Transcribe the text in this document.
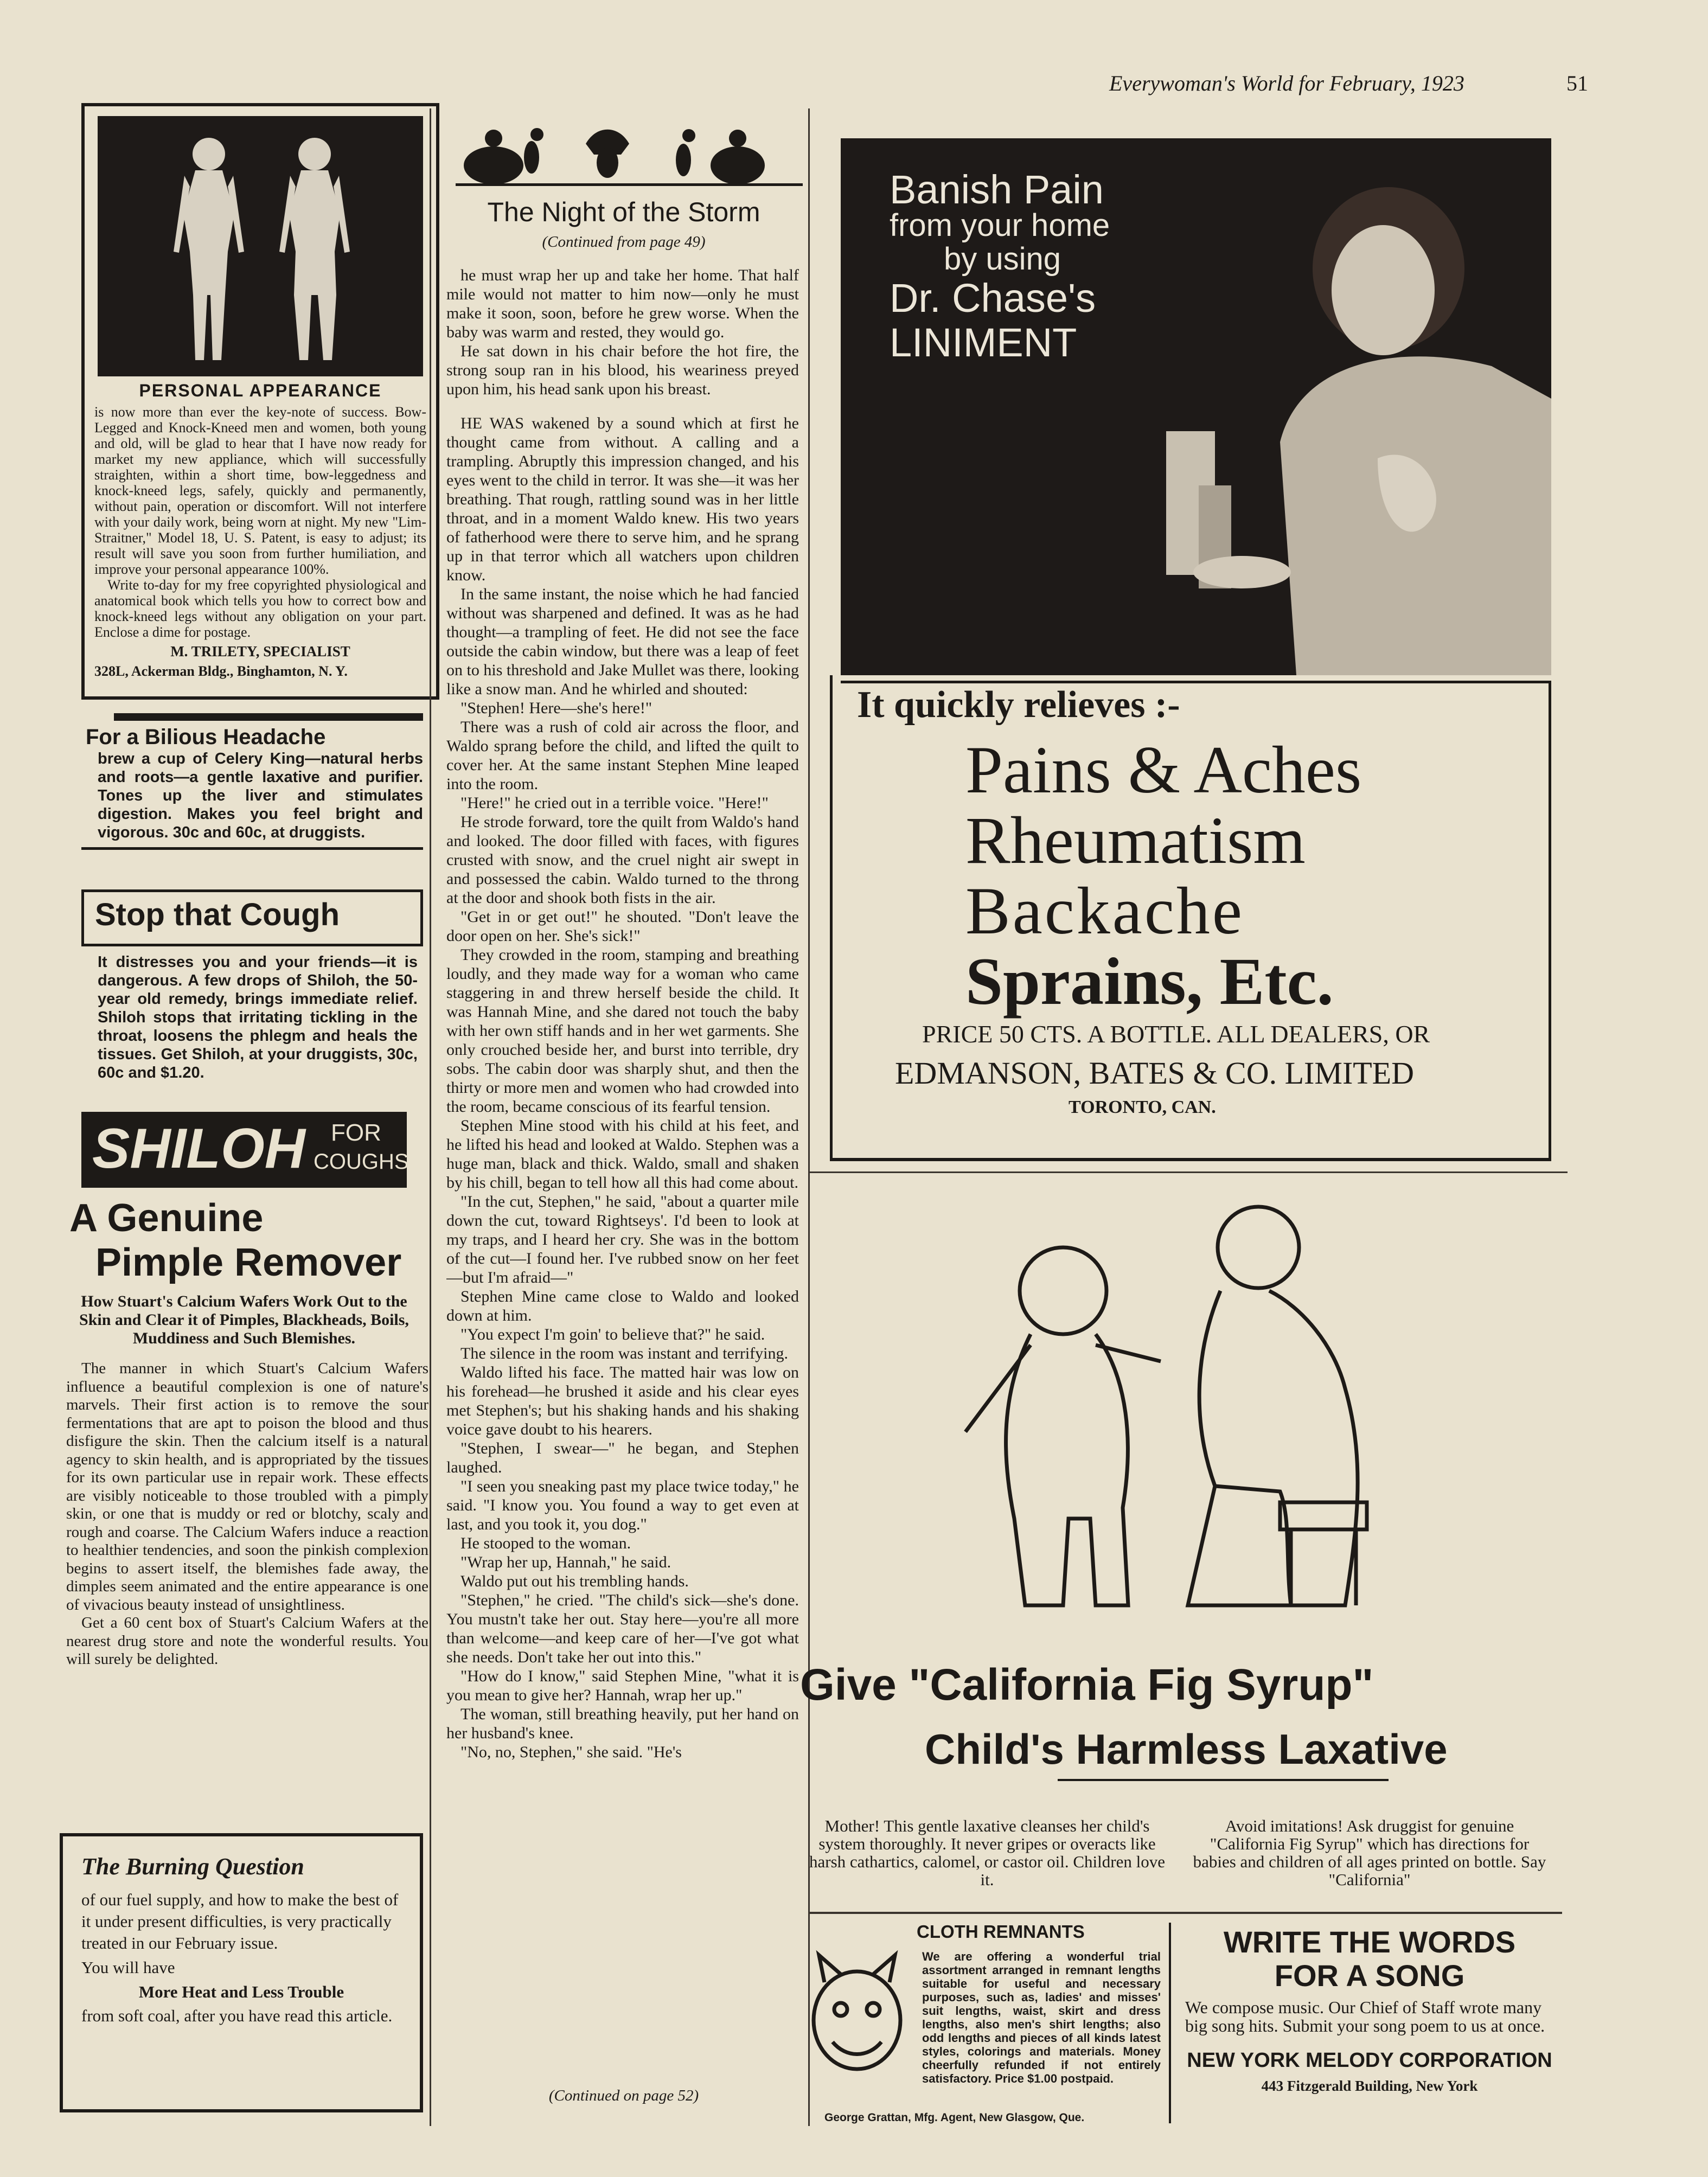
Everywoman's World for February, 1923	51
PERSONAL APPEARANCE

is now more than ever the key-note of success. Bow-Legged and Knock-Kneed men and women, both young and old, will be glad to hear that I have now ready for market my new appliance, which will successfully straighten, within a short time, bow-leggedness and knock-kneed legs, safely, quickly and permanently, without pain, operation or discomfort. Will not interfere with your daily work, being worn at night. My new "Lim-Straitner," Model 18, U. S. Patent, is easy to adjust; its result will save you soon from further humiliation, and improve your personal appearance 100%.

Write to-day for my free copyrighted physiological and anatomical book which tells you how to correct bow and knock-kneed legs without any obligation on your part. Enclose a dime for postage.

M. TRILETY, SPECIALIST
328L, Ackerman Bldg., Binghamton, N. Y.
For a Bilious Headache

brew a cup of Celery King—natural herbs and roots—a gentle laxative and purifier. Tones up the liver and stimulates digestion. Makes you feel bright and vigorous. 30c and 60c, at druggists.

Stop that Cough

It distresses you and your friends—it is dangerous. A few drops of Shiloh, the 50-year old remedy, brings immediate relief. Shiloh stops that irritating tickling in the throat, loosens the phlegm and heals the tissues. Get Shiloh, at your druggists, 30c, 60c and $1.20.

SHILOH FOR
COUGHS
A Genuine
Pimple Remover

How Stuart's Calcium Wafers Work Out to the Skin and Clear it of Pimples, Blackheads, Boils, Muddiness and Such Blemishes.

The manner in which Stuart's Calcium Wafers influence a beautiful complexion is one of nature's marvels. Their first action is to remove the sour fermentations that are apt to poison the blood and thus disfigure the skin. Then the calcium itself is a natural agency to skin health, and is appropriated by the tissues for its own particular use in repair work. These effects are visibly noticeable to those troubled with a pimply skin, or one that is muddy or red or blotchy, scaly and rough and coarse. The Calcium Wafers induce a reaction to healthier tendencies, and soon the pinkish complexion begins to assert itself, the blemishes fade away, the dimples seem animated and the entire appearance is one of vivacious beauty instead of unsightliness.

Get a 60 cent box of Stuart's Calcium Wafers at the nearest drug store and note the wonderful results. You will surely be delighted.

The Burning Question

of our fuel supply, and how to make the best of it under present difficulties, is very practically treated in our February issue.

You will have

More Heat and Less Trouble

from soft coal, after you have read this article.

The Night of the Storm
(Continued from page 49)

he must wrap her up and take her home. That half mile would not matter to him now—only he must make it soon, soon, before he grew worse. When the baby was warm and rested, they would go.

He sat down in his chair before the hot fire, the strong soup ran in his blood, his weariness preyed upon him, his head sank upon his breast.

HE WAS wakened by a sound which at first he thought came from without. A calling and a trampling. Abruptly this impression changed, and his eyes went to the child in terror. It was she—it was her breathing. That rough, rattling sound was in her little throat, and in a moment Waldo knew. His two years of fatherhood were there to serve him, and he sprang up in that terror which all watchers upon children know.

In the same instant, the noise which he had fancied without was sharpened and defined. It was as he had thought—a trampling of feet. He did not see the face outside the cabin window, but there was a leap of feet on to his threshold and Jake Mullet was there, looking like a snow man. And he whirled and shouted:

"Stephen! Here—she's here!"

There was a rush of cold air across the floor, and Waldo sprang before the child, and lifted the quilt to cover her. At the same instant Stephen Mine leaped into the room.

"Here!" he cried out in a terrible voice. "Here!"

He strode forward, tore the quilt from Waldo's hand and looked. The door filled with faces, with figures crusted with snow, and the cruel night air swept in and possessed the cabin. Waldo turned to the throng at the door and shook both fists in the air.

"Get in or get out!" he shouted. "Don't leave the door open on her. She's sick!"

They crowded in the room, stamping and breathing loudly, and they made way for a woman who came staggering in and threw herself beside the child. It was Hannah Mine, and she dared not touch the baby with her own stiff hands and in her wet garments. She only crouched beside her, and burst into terrible, dry sobs. The cabin door was sharply shut, and then the thirty or more men and women who had crowded into the room, became conscious of its fearful tension.

Stephen Mine stood with his child at his feet, and he lifted his head and looked at Waldo. Stephen was a huge man, black and thick. Waldo, small and shaken by his chill, began to tell how all this had come about.

"In the cut, Stephen," he said, "about a quarter mile down the cut, toward Rightseys'. I'd been to look at my traps, and I heard her cry. She was in the bottom of the cut—I found her. I've rubbed snow on her feet—but I'm afraid—"

Stephen Mine came close to Waldo and looked down at him.

"You expect I'm goin' to believe that?" he said.

The silence in the room was instant and terrifying.

Waldo lifted his face. The matted hair was low on his forehead—he brushed it aside and his clear eyes met Stephen's; but his shaking hands and his shaking voice gave doubt to his hearers.

"Stephen, I swear—" he began, and Stephen laughed.

"I seen you sneaking past my place twice today," he said. "I know you. You found a way to get even at last, and you took it, you dog."

He stooped to the woman.

"Wrap her up, Hannah," he said.

Waldo put out his trembling hands.

"Stephen," he cried. "The child's sick—she's done. You mustn't take her out. Stay here—you're all more than welcome—and keep care of her—I've got what she needs. Don't take her out into this."

"How do I know," said Stephen Mine, "what it is you mean to give her? Hannah, wrap her up."

The woman, still breathing heavily, put her hand on her husband's knee.

"No, no, Stephen," she said. "He's

(Continued on page 52)
Banish Pain
from your home
by using
Dr. Chase's
LINIMENT
It quickly relieves :-
Pains & Aches
Rheumatism
Backache
Sprains, Etc.
PRICE 50 CTS. A BOTTLE. ALL DEALERS, OR
EDMANSON, BATES & CO. LIMITED
TORONTO, CAN.
Give "California Fig Syrup"
Child's Harmless Laxative

Mother! This gentle laxative cleanses her child's system thoroughly. It never gripes or overacts like harsh cathartics, calomel, or castor oil. Children love it.

Avoid imitations! Ask druggist for genuine "California Fig Syrup" which has directions for babies and children of all ages printed on bottle. Say "California"

CLOTH REMNANTS

We are offering a wonderful trial assortment arranged in remnant lengths suitable for useful and necessary purposes, such as, ladies' and misses' suit lengths, waist, skirt and dress lengths, also men's shirt lengths; also odd lengths and pieces of all kinds latest styles, colorings and materials. Money cheerfully refunded if not entirely satisfactory. Price $1.00 postpaid.

George Grattan, Mfg. Agent, New Glasgow, Que.
WRITE THE WORDS
FOR A SONG

We compose music. Our Chief of Staff wrote many big song hits. Submit your song poem to us at once.

NEW YORK MELODY CORPORATION
443 Fitzgerald Building, New York
